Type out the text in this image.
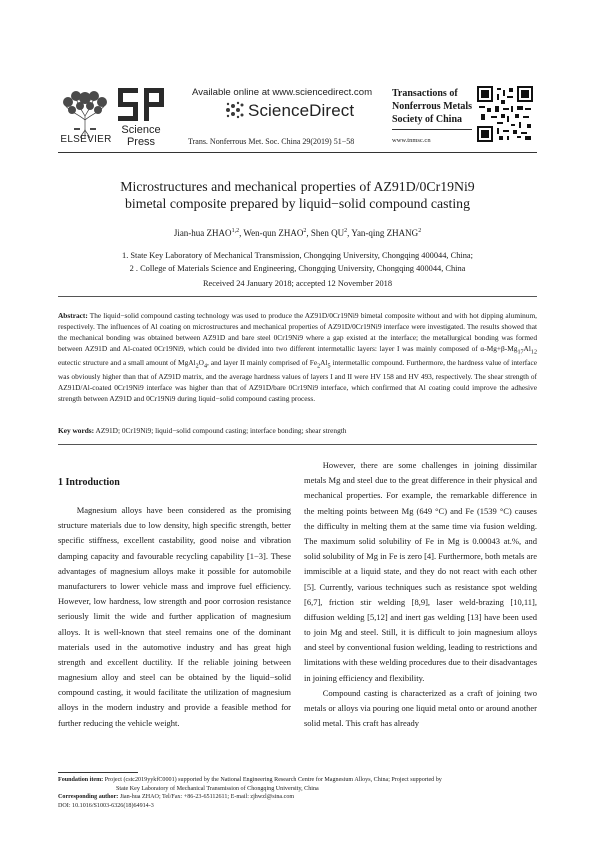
ELSEVIER
Science
Press
Available online at www.sciencedirect.com
ScienceDirect
Trans. Nonferrous Met. Soc. China 29(2019) 51−58
Transactions of
Nonferrous Metals
Society of China
www.tnmsc.cn
Microstructures and mechanical properties of AZ91D/0Cr19Ni9
bimetal composite prepared by liquid−solid compound casting
Jian-hua ZHAO$^{1,2}$, Wen-qun ZHAO$^2$, Shen $QU^2$, Yan-qing ZHANG$^2$
1. State Key Laboratory of Mechanical Transmission, Chongqing University, Chongqing 400044, China;
2 . College of Materials Science and Engineering, Chongqing University, Chongqing 400044, China
Received 24 January 2018; accepted 12 November 2018
Abstract: The liquid−solid compound casting technology was used to produce the AZ91D/0Cr19Ni9 bimetal composite without and with hot dipping aluminum, respectively. The influences of Al coating on microstructures and mechanical properties of AZ91D/0Cr19Ni9 interface were investigated. The results showed that the mechanical bonding was obtained between AZ91D and bare steel 0Cr19Ni9 where a gap existed at the interface; the metallurgical bonding was formed between AZ91D and Al-coated 0Cr19Ni9, which could be divided into two different intermetallic layers: layer I was mainly composed of $\alpha-Mg+\beta-Mg_{17}Al_{12}$ eutectic structure and a small amount of $MgAl_2O_4$, and layer II mainly comprised of $Fe_2Al_5$ intermetallic compound. Furthermore, the hardness value of interface was obviously higher than that of AZ91D matrix, and the average hardness values of layers I and II were HV 158 and HV 493, respectively. The shear strength of AZ91D/Al-coated 0Cr19Ni9 interface was higher than that of AZ91D/bare 0Cr19Ni9 interface, which confirmed that Al coating could improve the adhesive strength between AZ91D and 0Cr19Ni9 during liquid−solid compound casting process.
Key words: AZ91D; 0Cr19Ni9; liquid−solid compound casting; interface bonding; shear strength
1 Introduction

Magnesium alloys have been considered as the promising structure materials due to low density, high specific strength, better specific stiffness, excellent castability, good noise and vibration damping capacity and favourable recycling capability [1−3]. These advantages of magnesium alloys make it possible for automobile manufacturers to lower vehicle mass and improve fuel efficiency. However, low hardness, low strength and poor corrosion resistance seriously limit the wide and further application of magnesium alloys. It is well-known that steel remains one of the dominant materials used in the automotive industry and has great high strength and excellent ductility. If the reliable joining between magnesium alloy and steel can be obtained by the liquid−solid compound casting, it would facilitate the utilization of magnesium alloys in the modern industry and provide a feasible method for further reducing the vehicle weight.

However, there are some challenges in joining dissimilar metals Mg and steel due to the great difference in their physical and mechanical properties. For example, the remarkable difference in the melting points between Mg (649 °C) and Fe (1539 °C) causes the difficulty in melting them at the same time via fusion welding. The maximum solid solubility of Fe in Mg is 0.00043 at.%, and solid solubility of Mg in Fe is zero [4]. Furthermore, both metals are immiscible at a liquid state, and they do not react with each other [5]. Currently, various techniques such as resistance spot welding [6,7], friction stir welding [8,9], laser weld-brazing [10,11], diffusion welding [5,12] and inert gas welding [13] have been used to join Mg and steel. Still, it is difficult to join magnesium alloys and steel by conventional fusion welding, leading to restrictions and limitations with these welding procedures due to their disadvantages in joining efficiency and flexibility.

Compound casting is characterized as a craft of joining two metals or alloys via pouring one liquid metal onto or around another solid metal. This craft has already

Foundation item: Project (cstc2019yykfC0001) supported by the National Engineering Research Centre for Magnesium Alloys, China; Project supported by
State Key Laboratory of Mechanical Transmission of Chongqing University, China
Corresponding author: Jian-hua ZHAO; Tel/Fax: +86-23-65112611; E-mail: zjhwzl@sina.com
DOI: 10.1016/S1003-6326(18)64914-3
